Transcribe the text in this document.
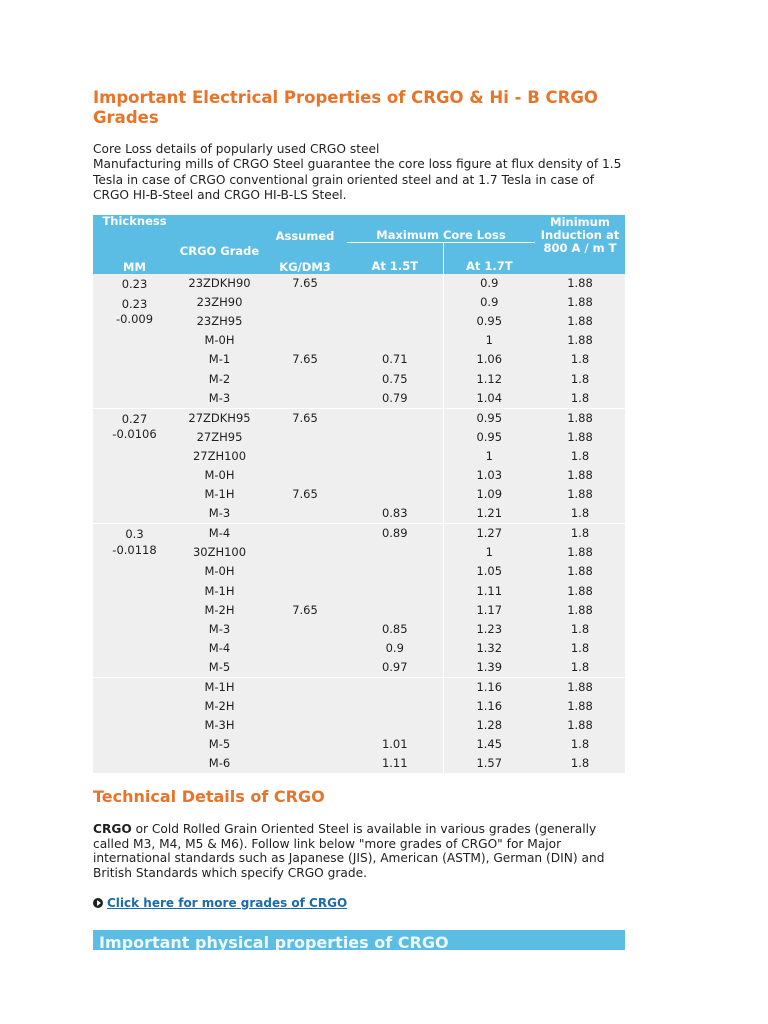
Important Electrical Properties of CRGO & Hi - B CRGO Grades

Core Loss details of popularly used CRGO steel

Manufacturing mills of CRGO Steel guarantee the core loss figure at flux density of 1.5 Tesla in case of CRGO conventional grain oriented steel and at 1.7 Tesla in case of CRGO HI-B-Steel and CRGO HI-B-LS Steel.

Thickness	CRGO Grade	Assumed	Maximum Core Loss		Minimum Induction at 800 A / m T
MM		KG/DM3	At 1.5T	At 1.7T	

0.23
0.23
-0.009	23ZDKH90	7.65		0.9	1.88
	23ZH90			0.9	1.88
	23ZH95			0.95	1.88
	M-0H			1	1.88
	M-1	7.65	0.71	1.06	1.8
	M-2		0.75	1.12	1.8
	M-3		0.79	1.04	1.8

0.27
-0.0106	27ZDKH95	7.65		0.95	1.88
	27ZH95			0.95	1.88
	27ZH100			1	1.8
	M-0H			1.03	1.88
	M-1H	7.65		1.09	1.88
	M-3		0.83	1.21	1.8

0.3
-0.0118	M-4		0.89	1.27	1.8
	30ZH100			1	1.88
	M-0H			1.05	1.88
	M-1H			1.11	1.88
	M-2H	7.65		1.17	1.88
	M-3		0.85	1.23	1.8
	M-4		0.9	1.32	1.8
	M-5		0.97	1.39	1.8

	M-1H			1.16	1.88
	M-2H			1.16	1.88
	M-3H			1.28	1.88
	M-5		1.01	1.45	1.8
	M-6		1.11	1.57	1.8
Technical Details of CRGO

CRGO or Cold Rolled Grain Oriented Steel is available in various grades (generally called M3, M4, M5 & M6). Follow link below "more grades of CRGO" for Major international standards such as Japanese (JIS), American (ASTM), German (DIN) and British Standards which specify CRGO grade.

Click here for more grades of CRGO
Important physical properties of CRGO
